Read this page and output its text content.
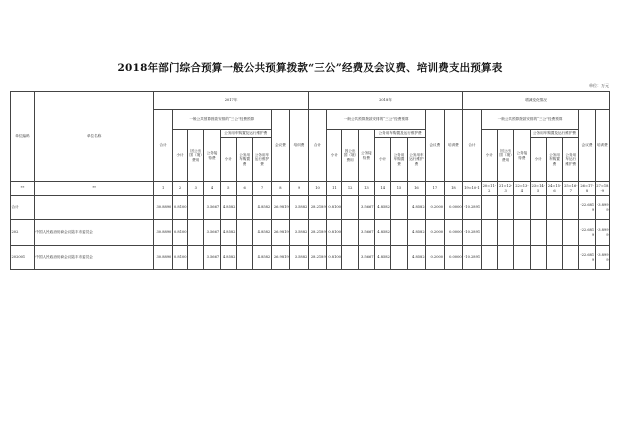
2018年部门综合预算一般公共预算拨款“三公”经费及会议费、培训费支出预算表
单位：万元
单位编码	单位名称	2017年									2018年									增减变化情况								
		合计	一般公共预算拨款安排的“三公”经费预算						会议费	培训费	合计	一般公共预算拨款安排的“三公”经费预算						会议费	培训费	合计	一般公共预算拨款安排的“三公”经费预算						会议费	培训费
			小计	因公出国（境）费用	公务接待费	公务用车购置及运行维护费						小计	因公出国（境）费用	公务接待费	公务用车购置及运行维护费						小计	因公出国（境）费用	公务接待费	公务用车购置及运行维护费				
						小计	公务用车购置费	公务用车运行维护费							小计	公务用车购置费	公务用车运行维护费							小计	公务用车购置费	公务用车运行维护费		

**	**	1	2	3	4	5	6	7	8	9	10	11	12	13	14	15	16	17	18	19=10-1	20=11-2	21=12-3	22=13-4	23=14-5	24=15-6	25=16-7	26=17-8	27=18-9
合计		30.8890	0.8100		3.5667	4.8582		4.8582	26.9819	3.5882	28.2189	0.8100		3.5667	4.8582		4.8582	0.2000	0.0000	-10.2891							-22.6819	-3.8999
202	中国人民政治协商会议陆丰市委员会	30.8890	0.8100		3.5667	4.8582		4.8582	26.9819	3.5882	28.2189	0.8100		3.5667	4.8582		4.8582	0.2000	0.0000	-10.2891							-22.6819	-3.8999
202001	中国人民政治协商会议陆丰市委员会	30.8890	0.8100		3.5667	4.8582		4.8582	26.9819	3.5882	28.2189	0.8100		3.5667	4.8582		4.8582	0.2000	0.0000	-10.2891							-22.6819	-3.8999
